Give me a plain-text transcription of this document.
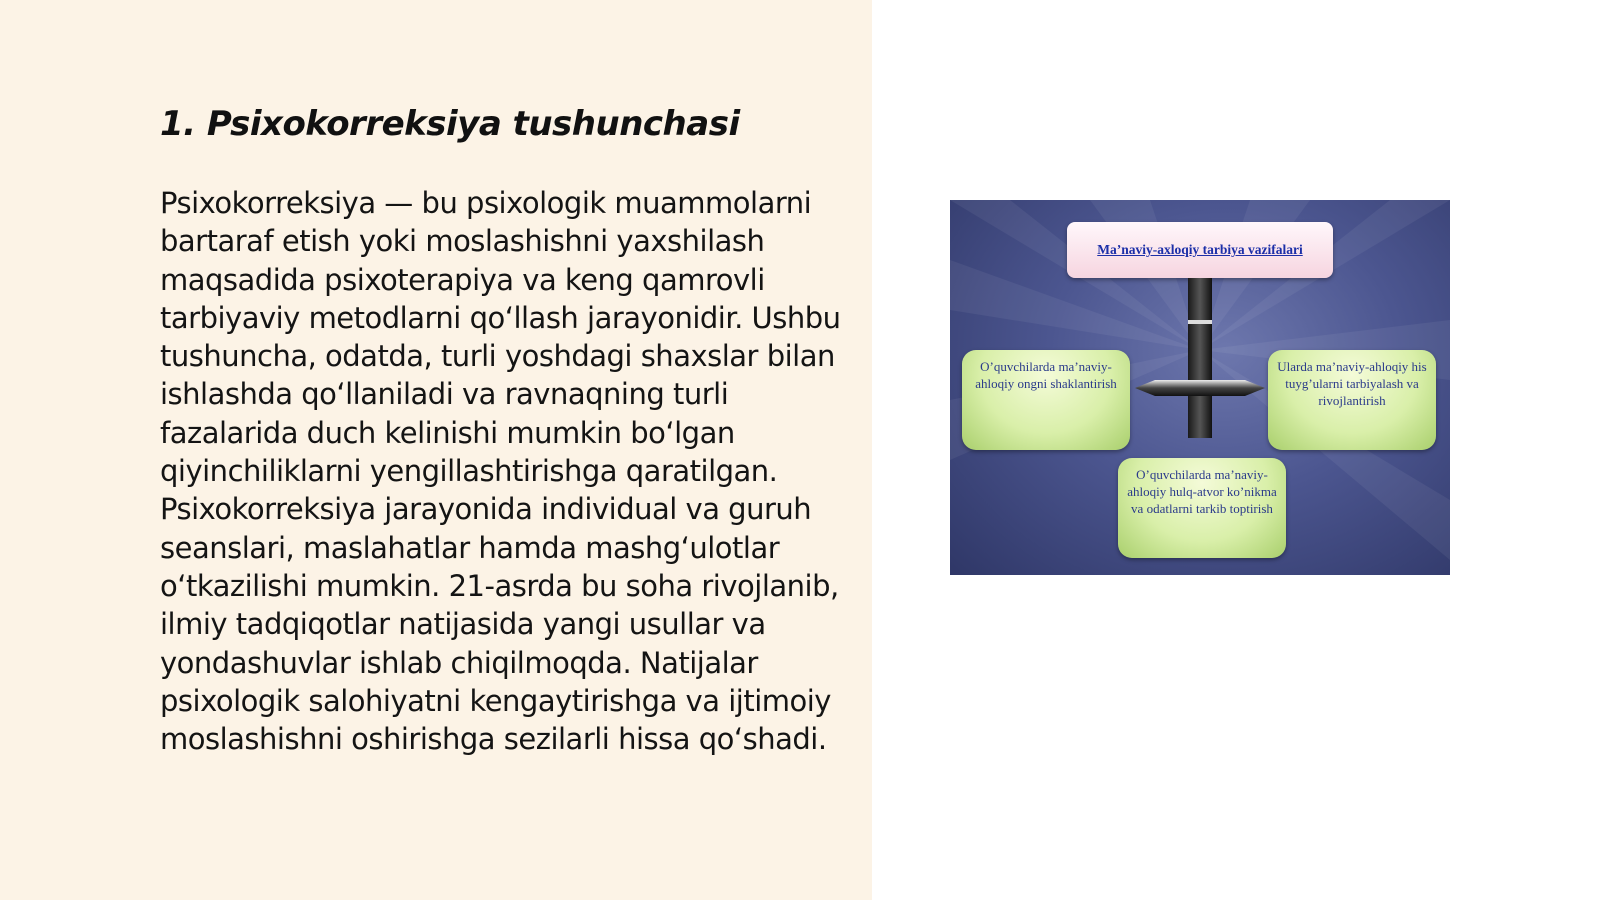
1. Psixokorreksiya tushunchasi

Psixokorreksiya — bu psixologik muammolarni bartaraf etish yoki moslashishni yaxshilash maqsadida psixoterapiya va keng qamrovli tarbiyaviy metodlarni qo‘llash jarayonidir. Ushbu tushuncha, odatda, turli yoshdagi shaxslar bilan ishlashda qo‘llaniladi va ravnaqning turli fazalarida duch kelinishi mumkin bo‘lgan qiyinchiliklarni yengillashtirishga qaratilgan. Psixokorreksiya jarayonida individual va guruh seanslari, maslahatlar hamda mashg‘ulotlar o‘tkazilishi mumkin. 21-asrda bu soha rivojlanib, ilmiy tadqiqotlar natijasida yangi usullar va yondashuvlar ishlab chiqilmoqda. Natijalar psixologik salohiyatni kengaytirishga va ijtimoiy moslashishni oshirishga sezilarli hissa qo‘shadi.

Ma’naviy-axloqiy tarbiya vazifalari
O’quvchilarda ma’naviy-ahloqiy ongni shaklantirish
Ularda ma’naviy-ahloqiy his tuyg’ularni tarbiyalash va rivojlantirish
O’quvchilarda ma’naviy-ahloqiy hulq-atvor ko’nikma va odatlarni tarkib toptirish
